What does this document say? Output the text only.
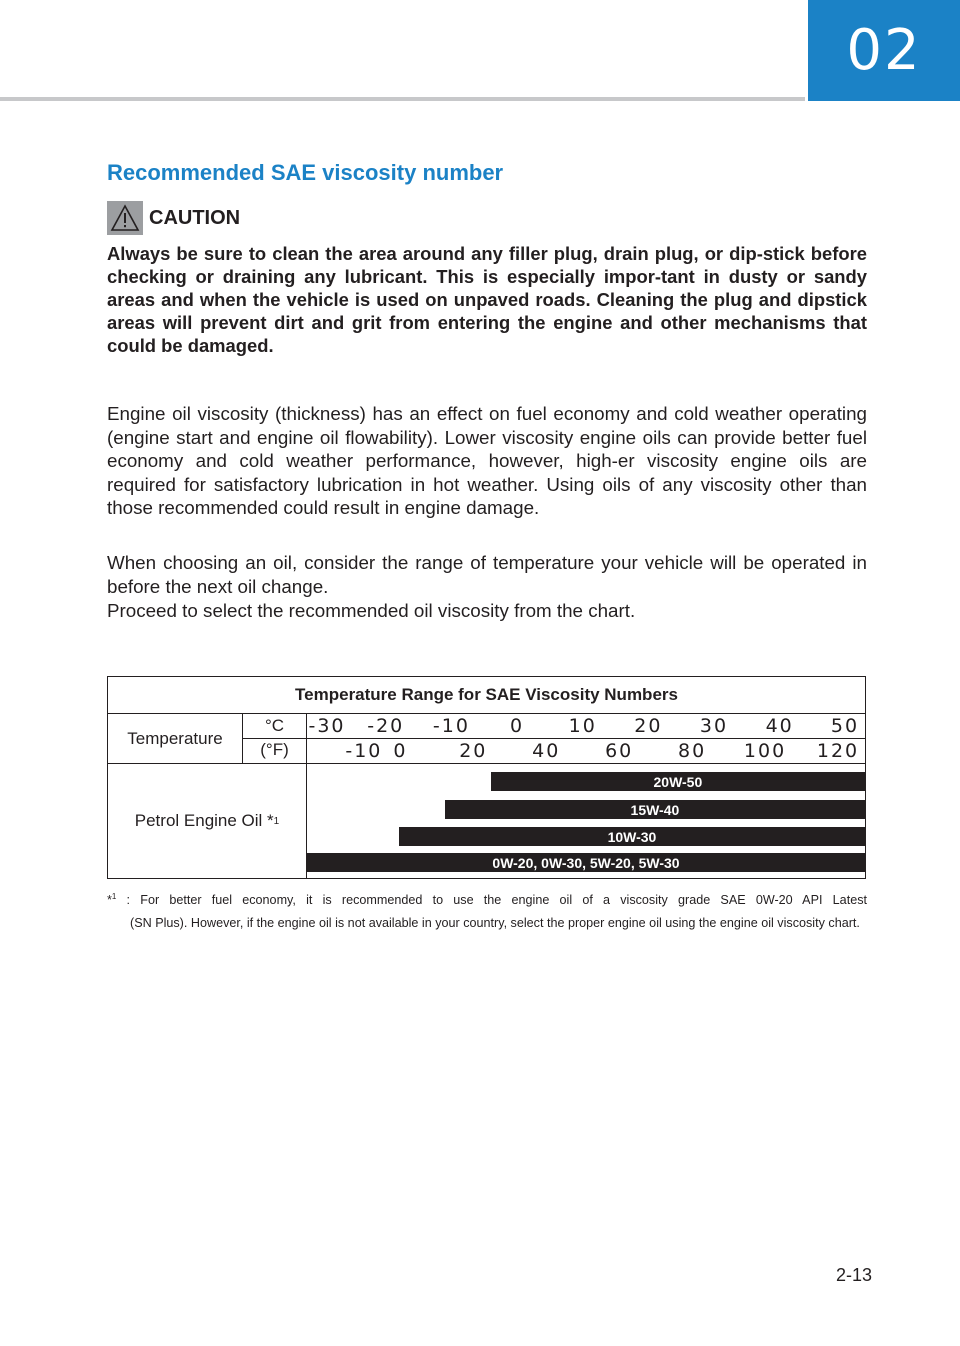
02
Recommended SAE viscosity number
CAUTION

Always be sure to clean the area around any filler plug, drain plug, or dip-stick before checking or draining any lubricant. This is especially impor-tant in dusty or sandy areas and when the vehicle is used on unpaved roads. Cleaning the plug and dipstick areas will prevent dirt and grit from entering the engine and other mechanisms that could be damaged.

Engine oil viscosity (thickness) has an effect on fuel economy and cold weather operating (engine start and engine oil flowability). Lower viscosity engine oils can provide better fuel economy and cold weather performance, however, high-er viscosity engine oils are required for satisfactory lubrication in hot weather. Using oils of any viscosity other than those recommended could result in engine damage.

When choosing an oil, consider the range of temperature your vehicle will be operated in before the next oil change.

Proceed to select the recommended oil viscosity from the chart.

Temperature Range for SAE Viscosity Numbers
Temperature
°C
(°F)
-30 -20 -10 0 10 20 30 40 50
-10 0	20 40 60 80 100 120
Petrol Engine Oil * 1
20W-50
15W-40
10W-30
0W-20, 0W-30, 5W-20, 5W-30
*$^1$ : For better fuel economy, it is recommended to use the engine oil of a viscosity grade SAE 0W-20 API Latest
(SN Plus). However, if the engine oil is not available in your country, select the proper engine oil using the engine oil viscosity chart.
2-13
